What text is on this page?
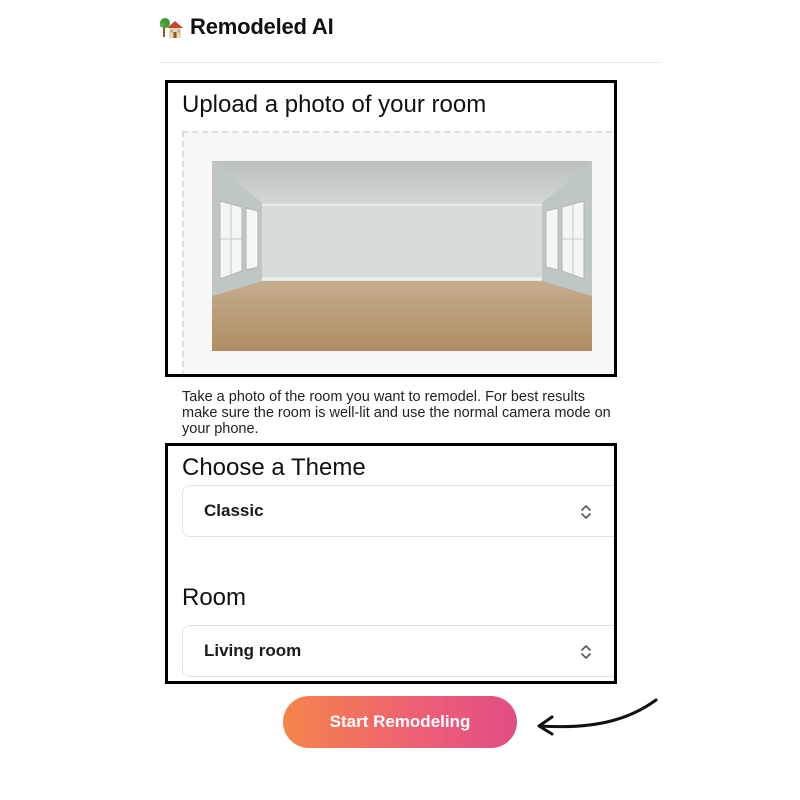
Remodeled AI
Upload a photo of your room

Take a photo of the room you want to remodel. For best results make sure the room is well-lit and use the normal camera mode on your phone.

Choose a Theme
Classic
Room
Living room
Start Remodeling
